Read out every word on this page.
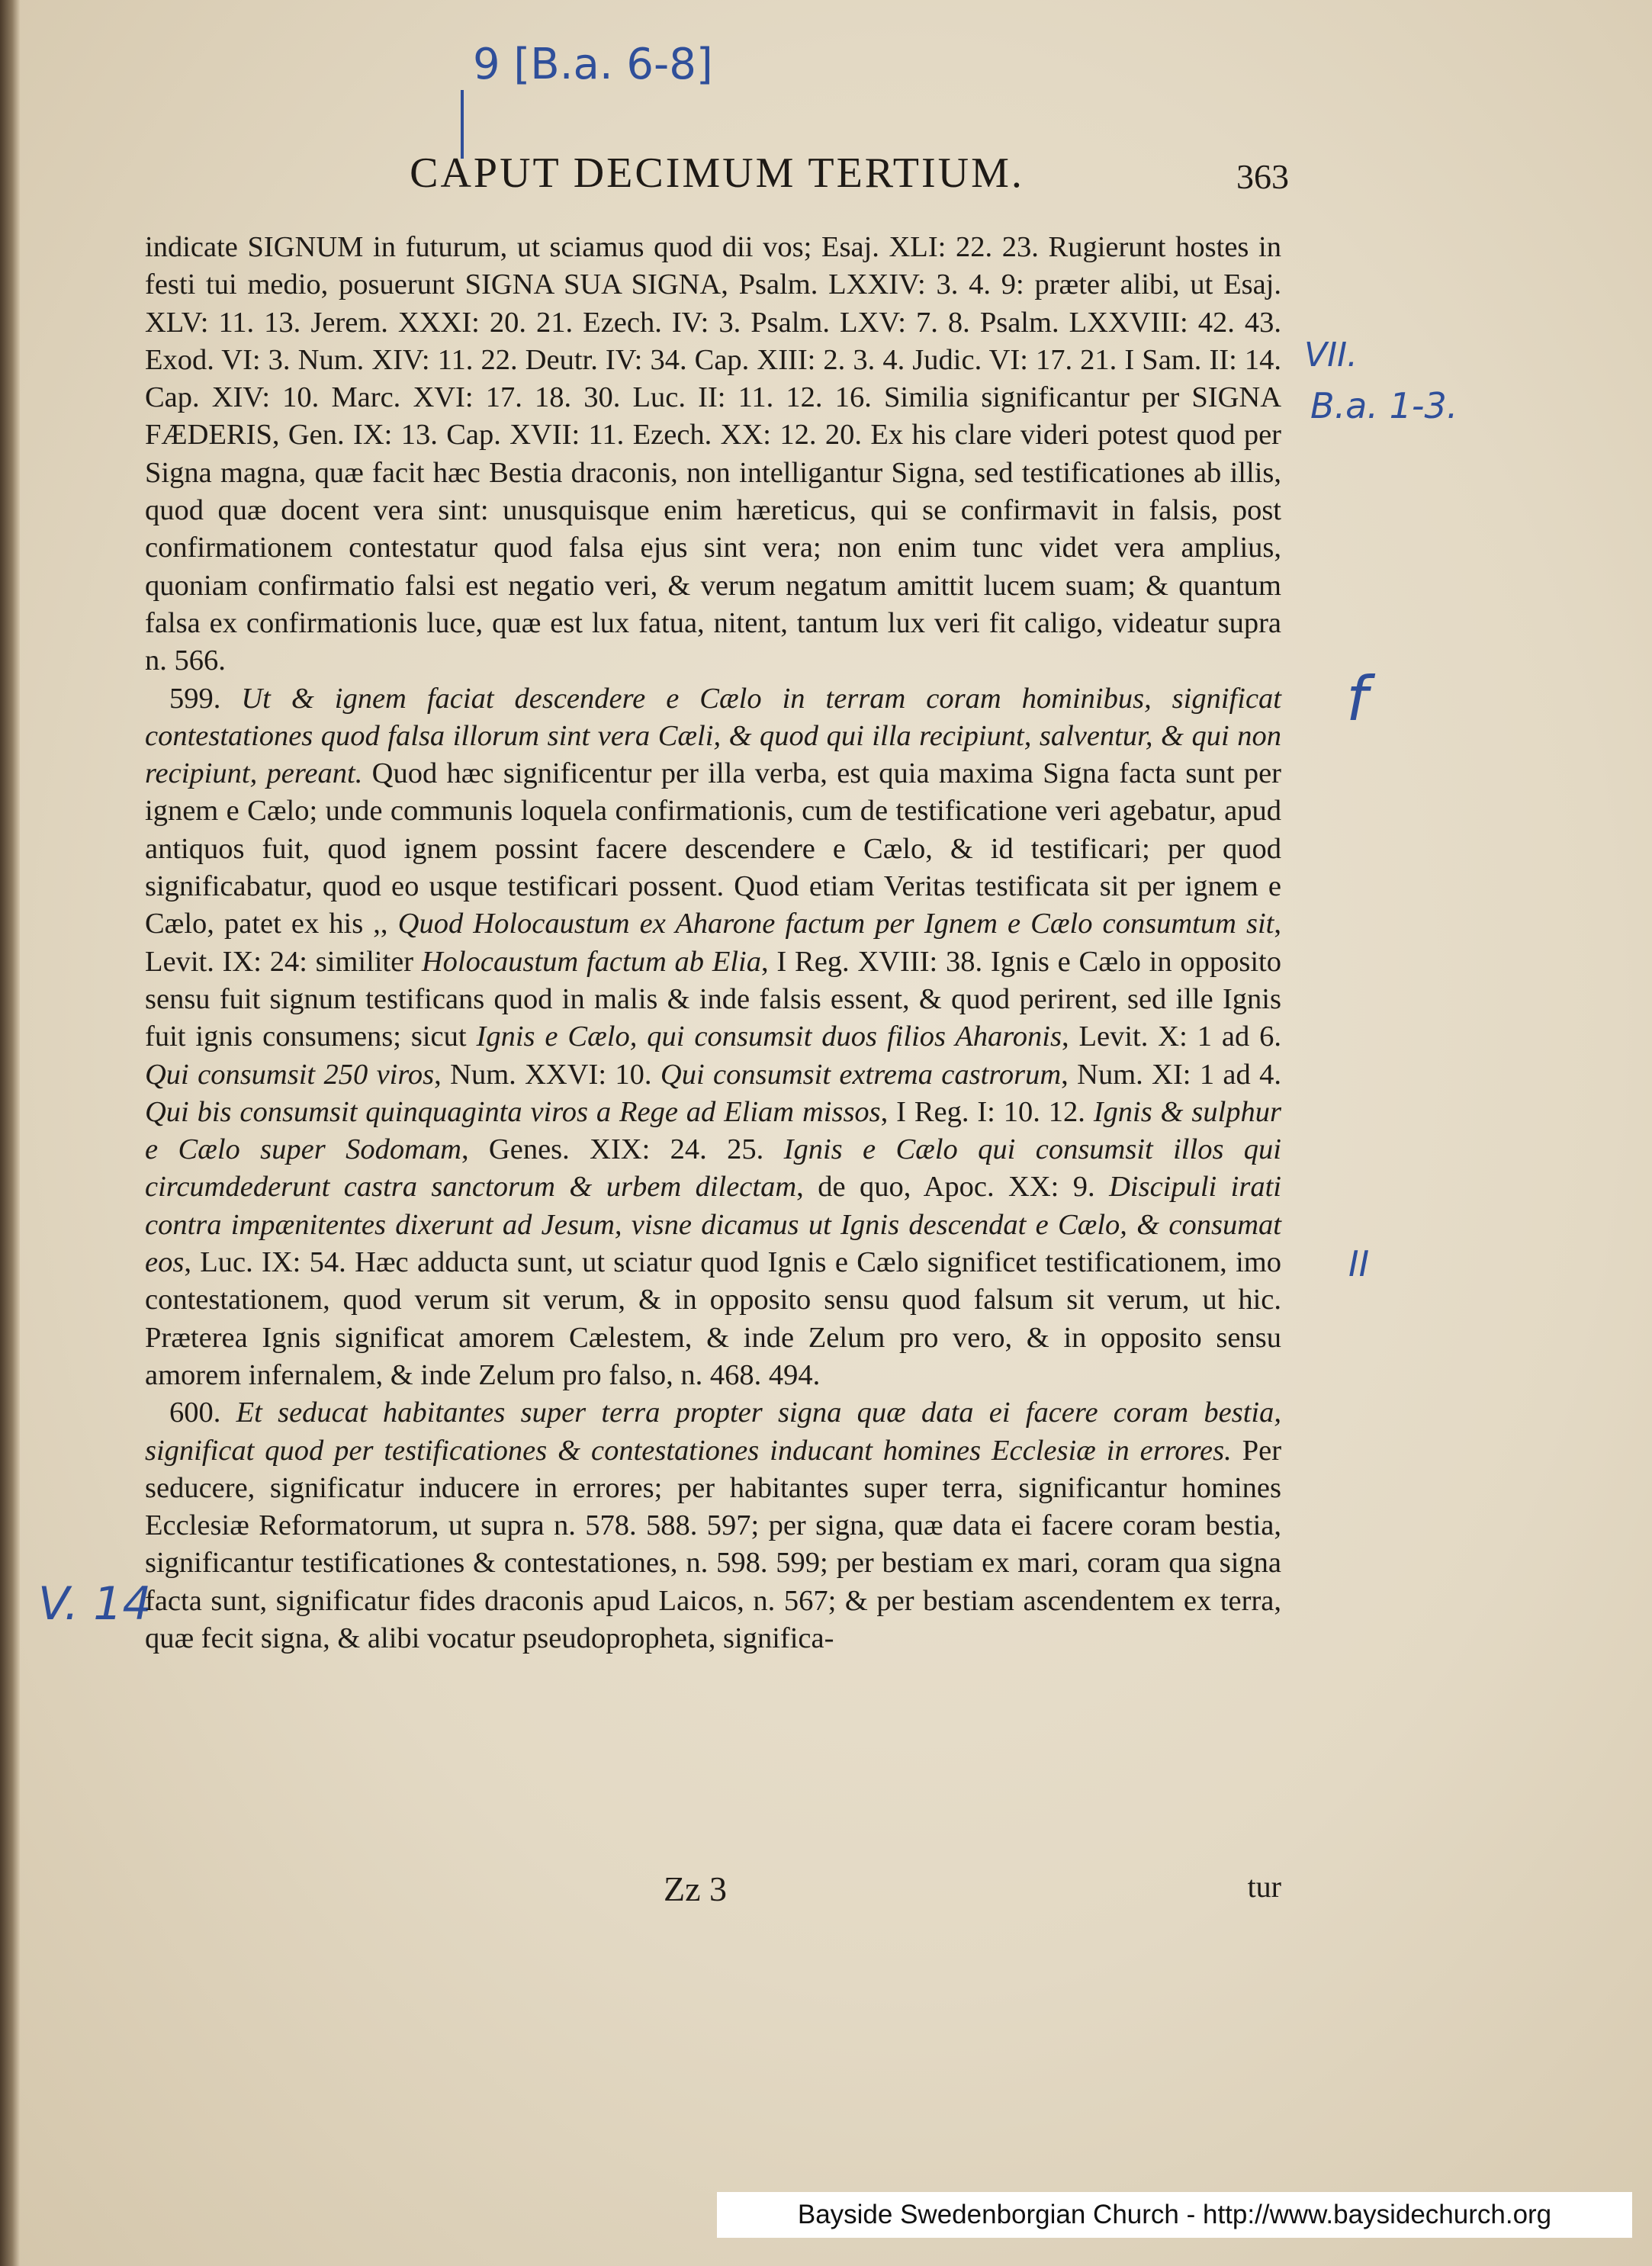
9 [B.a. 6-8]
VII.
B.a. 1-3.
f
II
V. 14
CAPUT DECIMUM TERTIUM.	363

indicate SIGNUM in futurum, ut sciamus quod dii vos; Esaj. XLI: 22. 23. Rugierunt hostes in festi tui medio, posuerunt SIGNA SUA SIGNA, Psalm. LXXIV: 3. 4. 9: præter alibi, ut Esaj. XLV: 11. 13. Jerem. XXXI: 20. 21. Ezech. IV: 3. Psalm. LXV: 7. 8. Psalm. LXXVIII: 42. 43. Exod. VI: 3. Num. XIV: 11. 22. Deutr. IV: 34. Cap. XIII: 2. 3. 4. Judic. VI: 17. 21. I Sam. II: 14. Cap. XIV: 10. Marc. XVI: 17. 18. 30. Luc. II: 11. 12. 16. Similia significantur per SIGNA FÆDERIS, Gen. IX: 13. Cap. XVII: 11. Ezech. XX: 12. 20. Ex his clare videri potest quod per Signa magna, quæ facit hæc Bestia draconis, non intelligantur Signa, sed testificationes ab illis, quod quæ docent vera sint: unusquisque enim hæreticus, qui se confirmavit in falsis, post confirmationem contestatur quod falsa ejus sint vera; non enim tunc videt vera amplius, quoniam confirmatio falsi est negatio veri, & verum negatum amittit lucem suam; & quantum falsa ex confirmationis luce, quæ est lux fatua, nitent, tantum lux veri fit caligo, videatur supra n. 566.

599. Ut & ignem faciat descendere e Cælo in terram coram hominibus, significat contestationes quod falsa illorum sint vera Cæli, & quod qui illa recipiunt, salventur, & qui non recipiunt, pereant. Quod hæc significentur per illa verba, est quia maxima Signa facta sunt per ignem e Cælo; unde communis loquela confirmationis, cum de testificatione veri agebatur, apud antiquos fuit, quod ignem possint facere descendere e Cælo, & id testificari; per quod significabatur, quod eo usque testificari possent. Quod etiam Veritas testificata sit per ignem e Cælo, patet ex his ,, Quod Holocaustum ex Aharone factum per Ignem e Cælo consumtum sit, Levit. IX: 24: similiter Holocaustum factum ab Elia, I Reg. XVIII: 38. Ignis e Cælo in opposito sensu fuit signum testificans quod in malis & inde falsis essent, & quod perirent, sed ille Ignis fuit ignis consumens; sicut Ignis e Cælo, qui consumsit duos filios Aharonis, Levit. X: 1 ad 6. Qui consumsit 250 viros, Num. XXVI: 10. Qui consumsit extrema castrorum, Num. XI: 1 ad 4. Qui bis consumsit quinquaginta viros a Rege ad Eliam missos, I Reg. I: 10. 12. Ignis & sulphur e Cælo super Sodomam, Genes. XIX: 24. 25. Ignis e Cælo qui consumsit illos qui circumdederunt castra sanctorum & urbem dilectam, de quo, Apoc. XX: 9. Discipuli irati contra impænitentes dixerunt ad Jesum, visne dicamus ut Ignis descendat e Cælo, & consumat eos, Luc. IX: 54. Hæc adducta sunt, ut sciatur quod Ignis e Cælo significet testificationem, imo contestationem, quod verum sit verum, & in opposito sensu quod falsum sit verum, ut hic. Præterea Ignis significat amorem Cælestem, & inde Zelum pro vero, & in opposito sensu amorem infernalem, & inde Zelum pro falso, n. 468. 494.

600. Et seducat habitantes super terra propter signa quæ data ei facere coram bestia, significat quod per testificationes & contestationes inducant homines Ecclesiæ in errores. Per seducere, significatur inducere in errores; per habitantes super terra, significantur homines Ecclesiæ Reformatorum, ut supra n. 578. 588. 597; per signa, quæ data ei facere coram bestia, significantur testificationes & contestationes, n. 598. 599; per bestiam ex mari, coram qua signa facta sunt, significatur fides draconis apud Laicos, n. 567; & per bestiam ascendentem ex terra, quæ fecit signa, & alibi vocatur pseudopropheta, significa-

Zz 3	tur
Bayside Swedenborgian Church - http://www.baysidechurch.org
